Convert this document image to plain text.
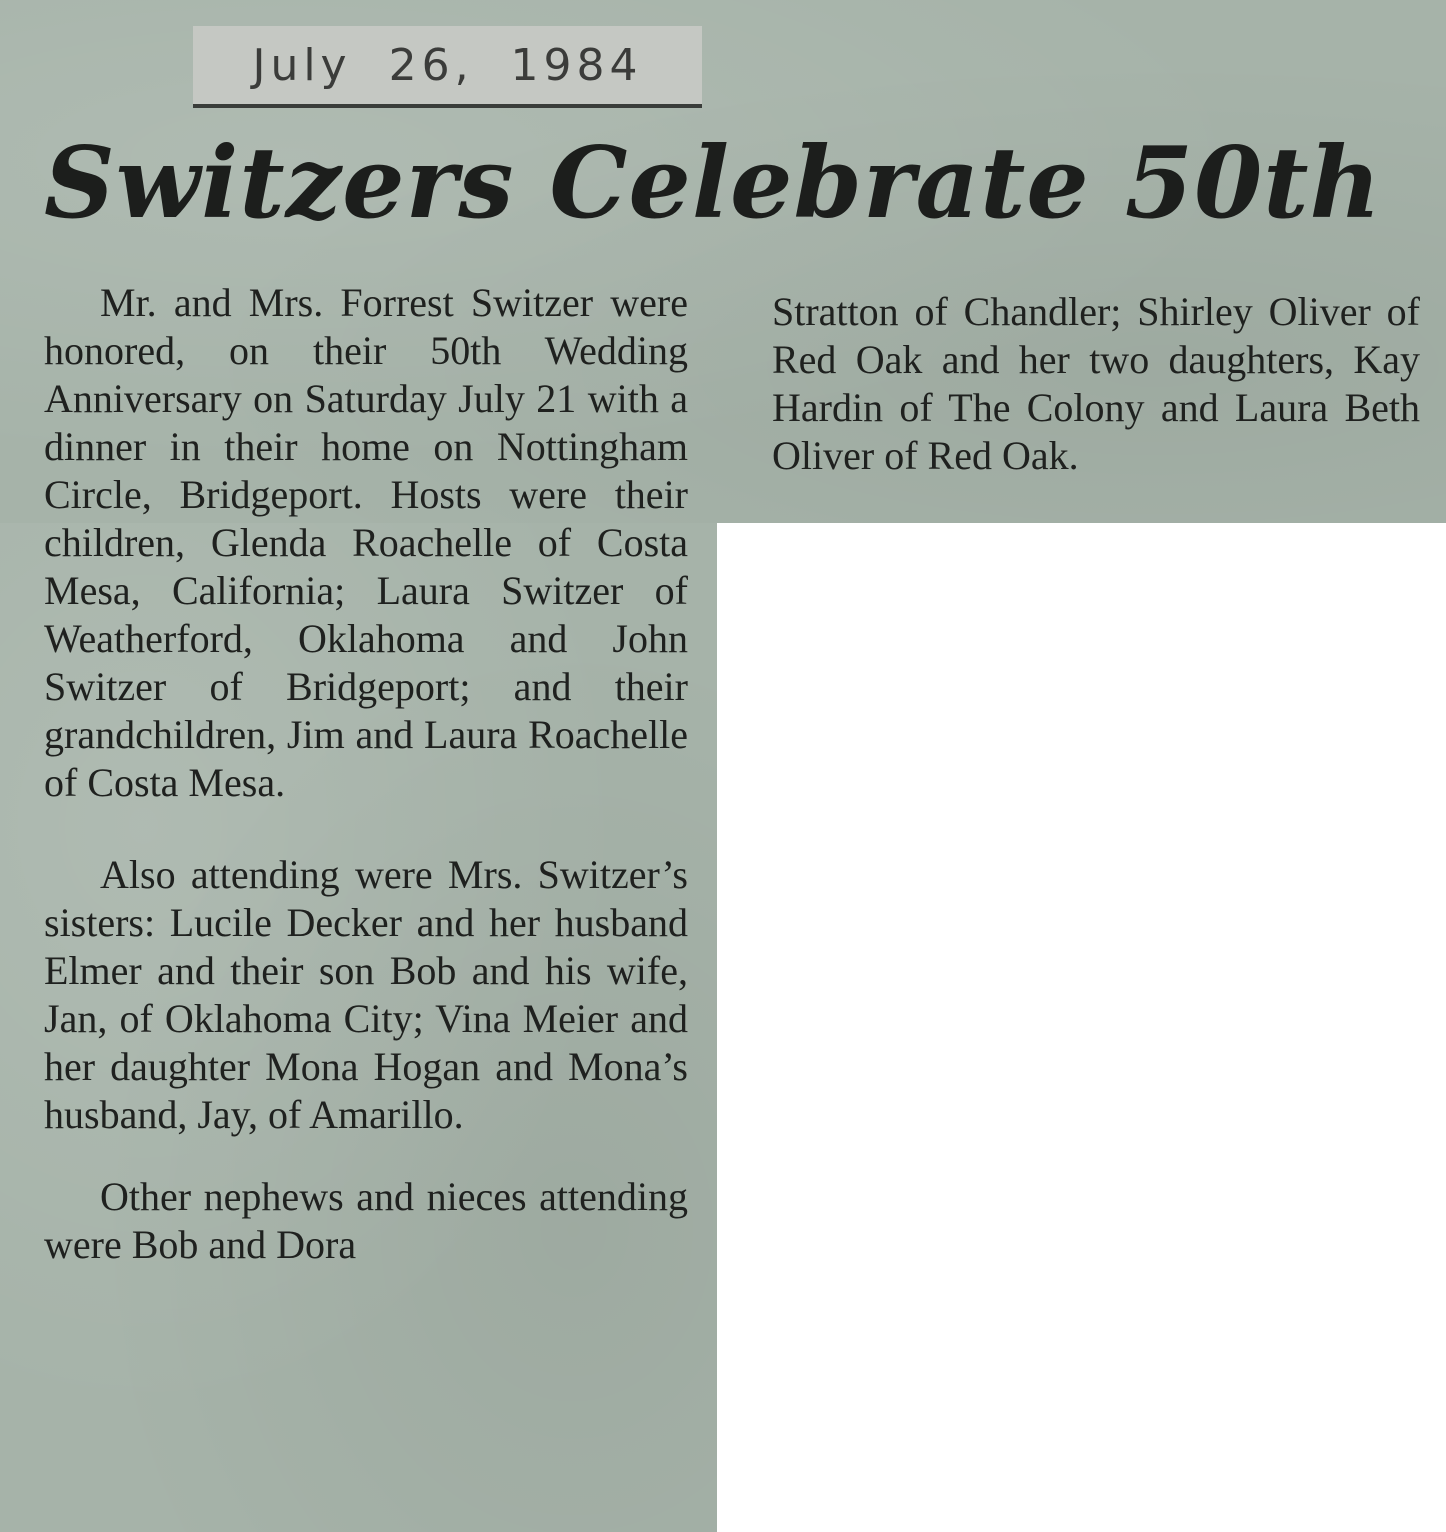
July 26, 1984
Switzers Celebrate 50th

Mr. and Mrs. Forrest Switzer were honored, on their 50th Wedding Anniversary on Saturday July 21 with a dinner in their home on Nottingham Circle, Bridgeport. Hosts were their children, Glenda Roachelle of Costa Mesa, California; Laura Switzer of Weatherford, Oklahoma and John Switzer of Bridgeport; and their grandchildren, Jim and Laura Roachelle of Costa Mesa.

Also attending were Mrs. Switzer’s sisters: Lucile Decker and her husband Elmer and their son Bob and his wife, Jan, of Oklahoma City; Vina Meier and her daughter Mona Hogan and Mona’s husband, Jay, of Amarillo.

Other nephews and nieces attending were Bob and Dora

Stratton of Chandler; Shirley Oliver of Red Oak and her two daughters, Kay Hardin of The Colony and Laura Beth Oliver of Red Oak.
